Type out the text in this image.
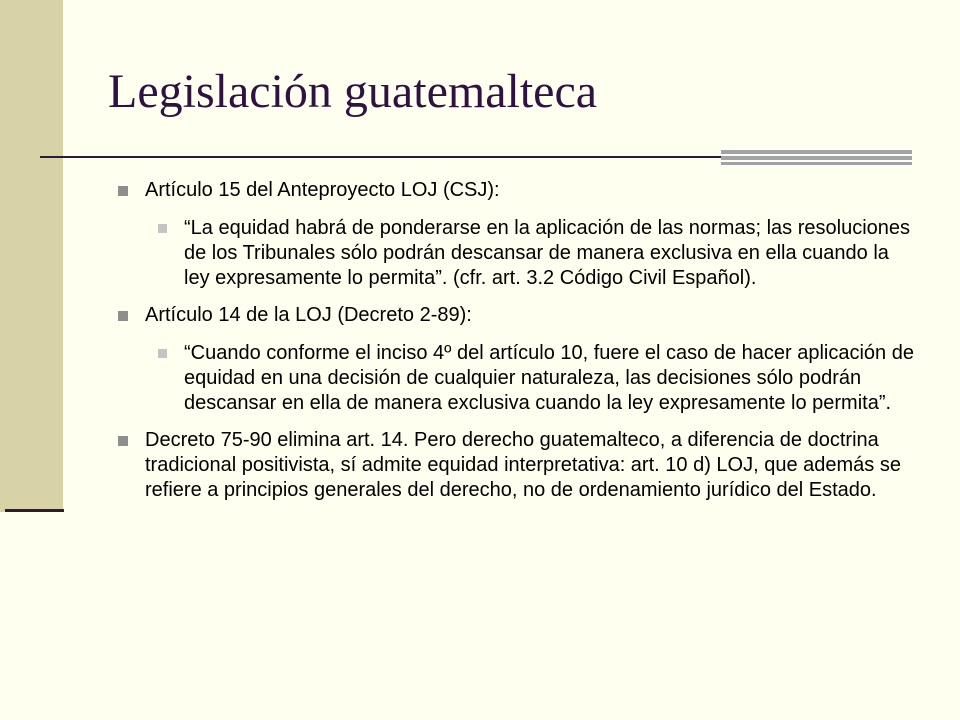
Legislación guatemalteca
Artículo 15 del Anteproyecto LOJ (CSJ):
“La equidad habrá de ponderarse en la aplicación de las normas; las resoluciones de los Tribunales sólo podrán descansar de manera exclusiva en ella cuando la ley expresamente lo permita”. (cfr. art. 3.2 Código Civil Español).
Artículo 14 de la LOJ (Decreto 2-89):
“Cuando conforme el inciso 4º del artículo 10, fuere el caso de hacer aplicación de equidad en una decisión de cualquier naturaleza, las decisiones sólo podrán descansar en ella de manera exclusiva cuando la ley expresamente lo permita”.
Decreto 75-90 elimina art. 14. Pero derecho guatemalteco, a diferencia de doctrina tradicional positivista, sí admite equidad interpretativa: art. 10 d) LOJ, que además se refiere a principios generales del derecho, no de ordenamiento jurídico del Estado.
